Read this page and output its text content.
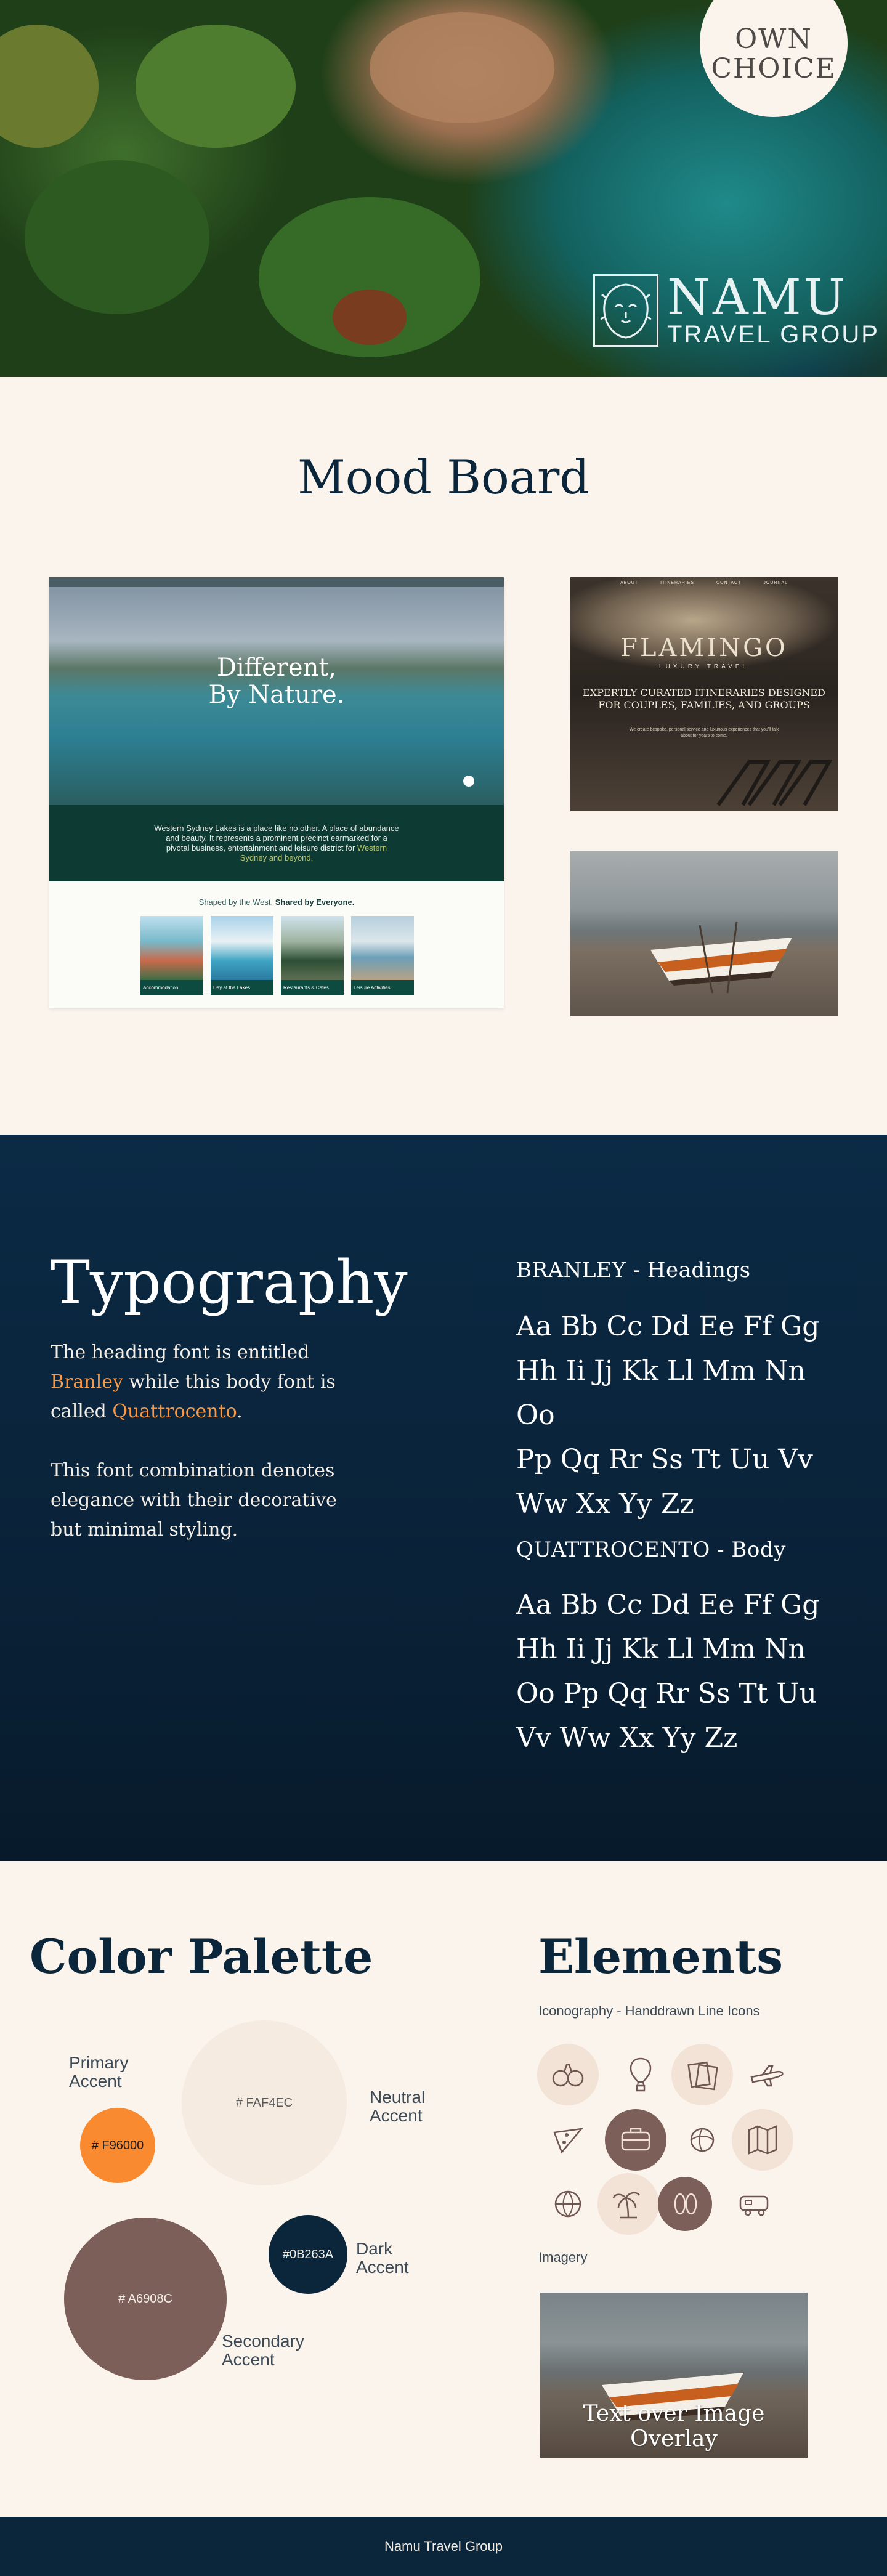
OWN
CHOICE
NAMU
TRAVEL GROUP
Mood Board
Different,
By Nature.
Western Sydney Lakes is a place like no other. A place of abundance and beauty. It represents a prominent precinct earmarked for a pivotal business, entertainment and leisure district for Western Sydney and beyond.
Shaped by the West. Shared by Everyone.
Accommodation	Day at the Lakes	Restaurants & Cafes	Leisure Activities
ABOUT	ITINERARIES	CONTACT	JOURNAL
FLAMINGO
LUXURY TRAVEL
EXPERTLY CURATED ITINERARIES DESIGNED
FOR COUPLES, FAMILIES, AND GROUPS
We create bespoke, personal service and luxurious experiences that you'll talk about for years to come.
Typography

The heading font is entitled Branley while this body font is called Quattrocento.

This font combination denotes elegance with their decorative but minimal styling.

BRANLEY - Headings
Aa Bb Cc Dd Ee Ff Gg
Hh Ii Jj Kk Ll Mm Nn Oo
Pp Qq Rr Ss Tt Uu Vv
Ww Xx Yy Zz
QUATTROCENTO - Body
Aa Bb Cc Dd Ee Ff Gg
Hh Ii Jj Kk Ll Mm Nn
Oo Pp Qq Rr Ss Tt Uu
Vv Ww Xx Yy Zz
Color Palette
# F96000
Primary
Accent
# FAF4EC	Neutral
Accent
#0B263A Dark
Accent
# A6908C
Secondary
Accent
Elements
Iconography - Handdrawn Line Icons
Imagery
Text over Image Overlay
Namu Travel Group
